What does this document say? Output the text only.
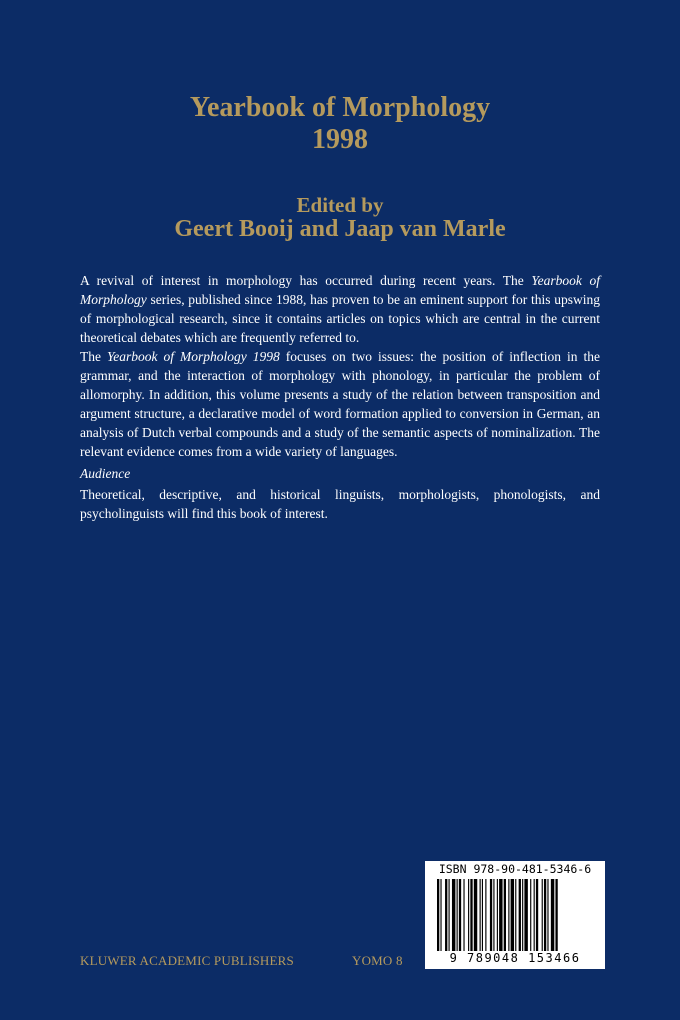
Yearbook of Morphology
1998
Edited by
Geert Booij and Jaap van Marle
A revival of interest in morphology has occurred during recent years. The Yearbook of Morphology series, published since 1988, has proven to be an eminent support for this upswing of morphological research, since it contains articles on topics which are central in the current theoretical debates which are frequently referred to.
The Yearbook of Morphology 1998 focuses on two issues: the position of inflection in the grammar, and the interaction of morphology with phonology, in particular the problem of allomorphy. In addition, this volume presents a study of the relation between transposition and argument structure, a declarative model of word formation applied to conversion in German, an analysis of Dutch verbal compounds and a study of the semantic aspects of nominalization. The relevant evidence comes from a wide variety of languages.
Audience
Theoretical, descriptive, and historical linguists, morphologists, phonologists, and psycholinguists will find this book of interest.
KLUWER ACADEMIC PUBLISHERS	YOMO 8
ISBN 978-90-481-5346-6
9 789048 153466
